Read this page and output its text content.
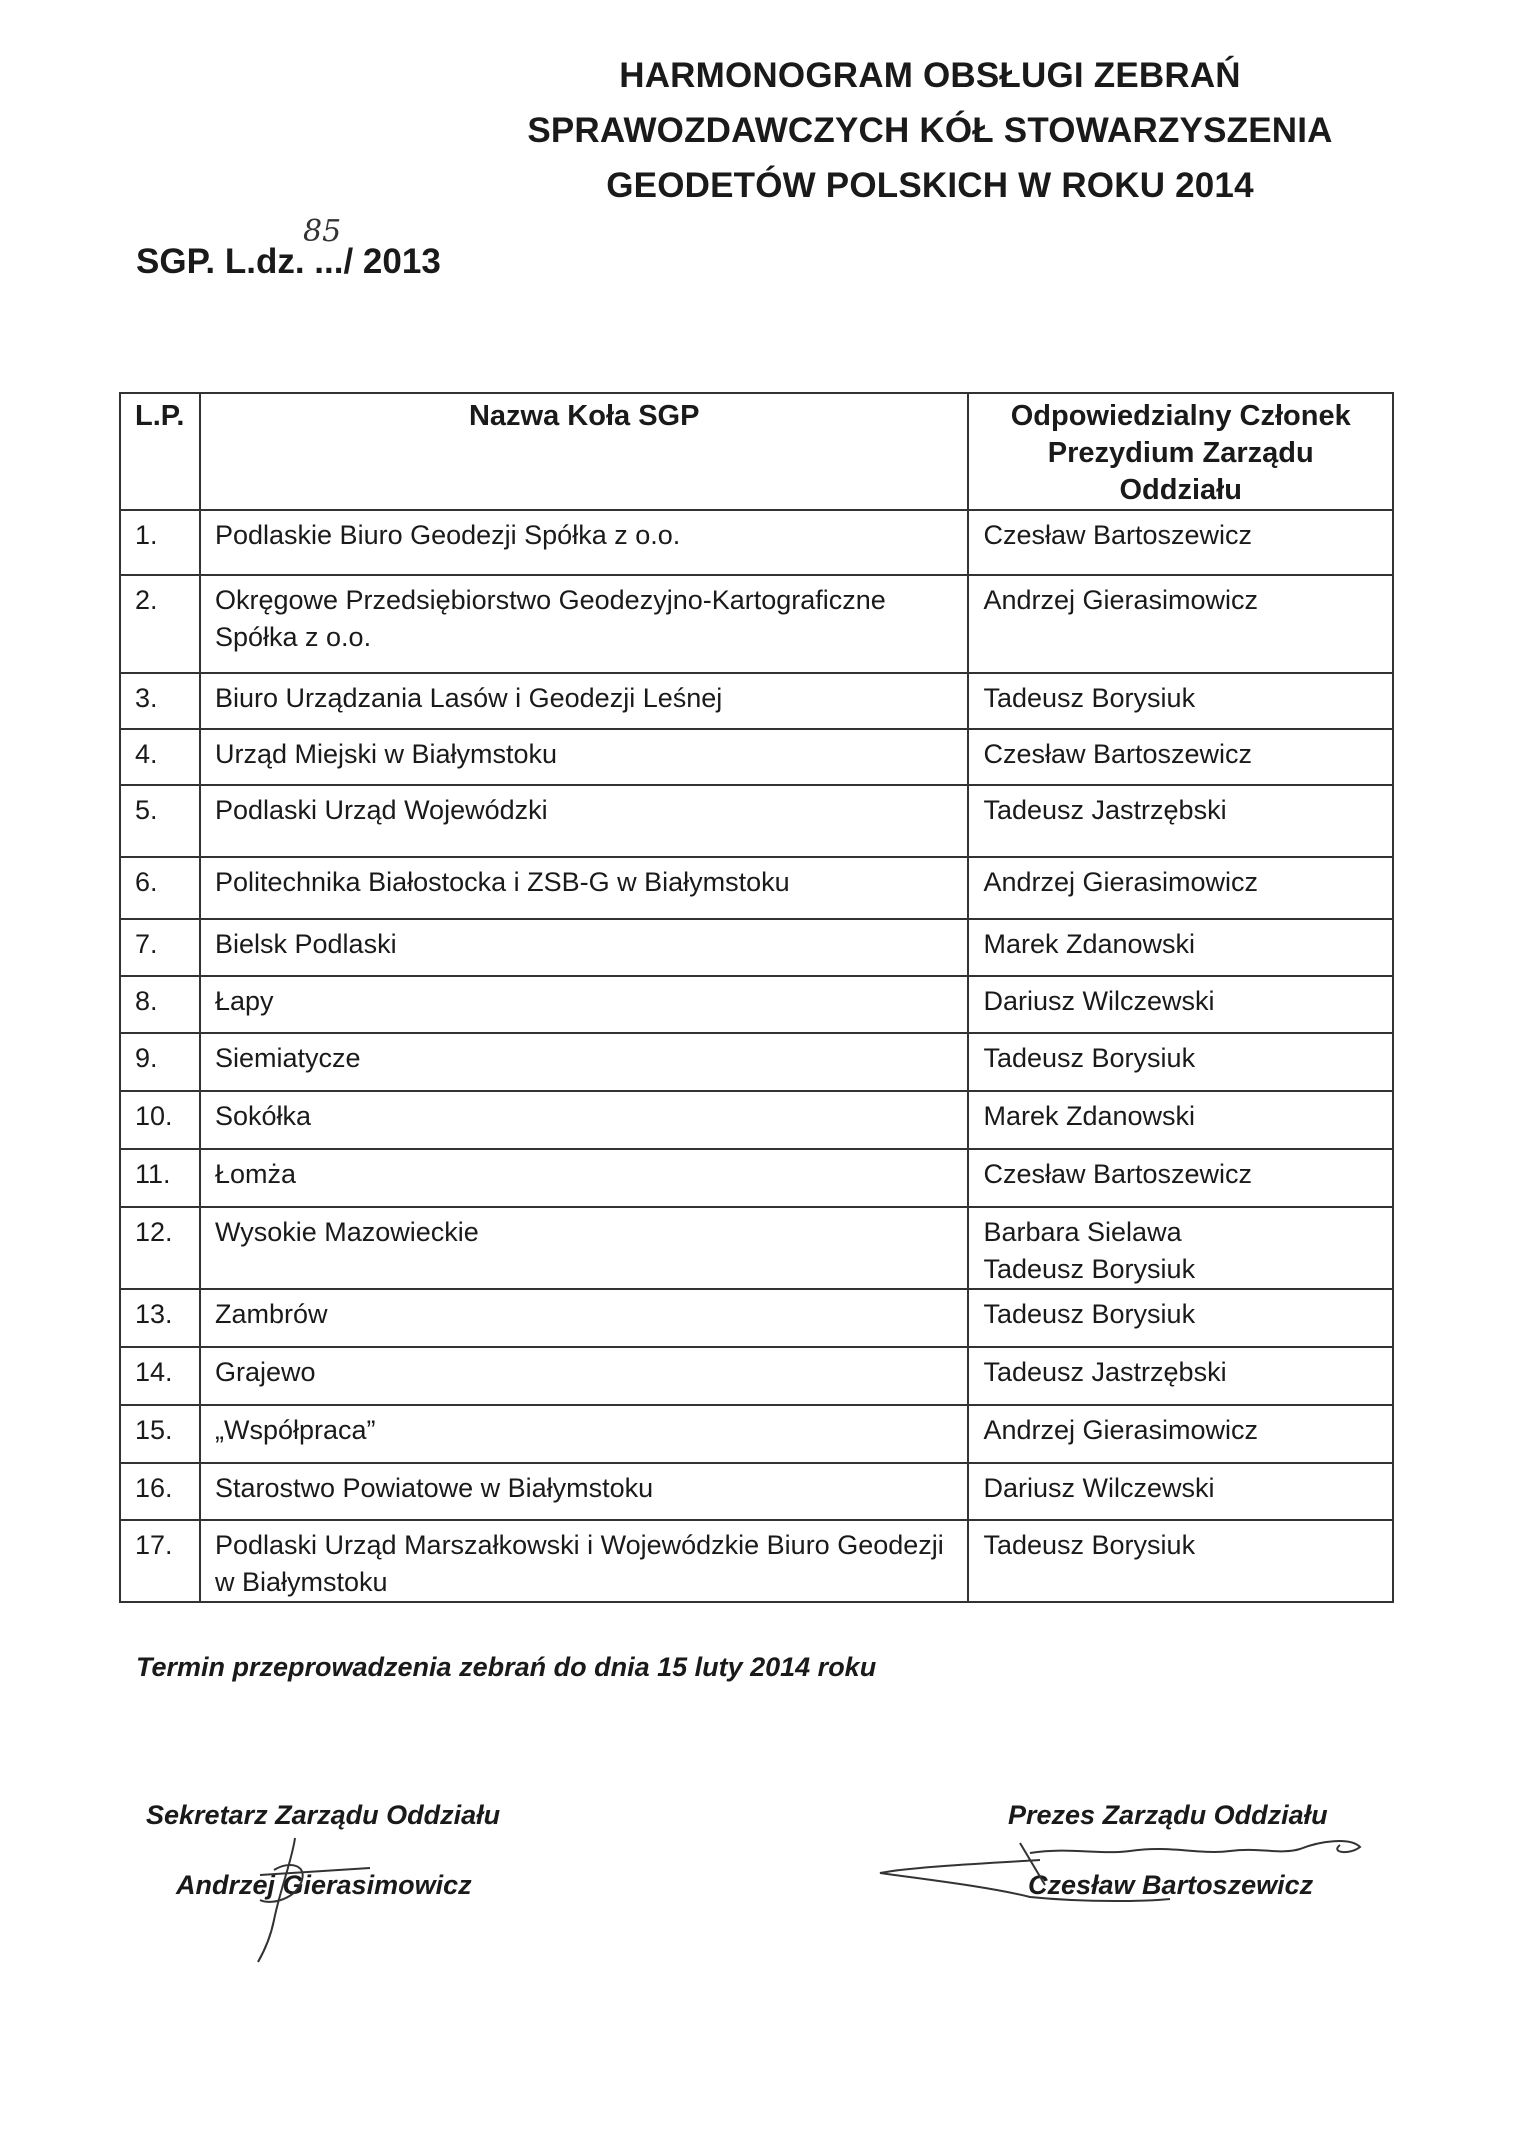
HARMONOGRAM OBSŁUGI ZEBRAŃ
SPRAWOZDAWCZYCH KÓŁ STOWARZYSZENIA
GEODETÓW POLSKICH W ROKU 2014
SGP. L.dz. .../ 2013
85
L.P.	Nazwa Koła SGP	Odpowiedzialny Członek Prezydium Zarządu Oddziału
1.	Podlaskie Biuro Geodezji Spółka z o.o.	Czesław Bartoszewicz

2.	Okręgowe Przedsiębiorstwo Geodezyjno-Kartograficzne Spółka z o.o.	Andrzej Gierasimowicz

3.	Biuro Urządzania Lasów i Geodezji Leśnej	Tadeusz Borysiuk

4.	Urząd Miejski w Białymstoku	Czesław Bartoszewicz

5.	Podlaski Urząd Wojewódzki	Tadeusz Jastrzębski

6.	Politechnika Białostocka i ZSB-G w Białymstoku	Andrzej Gierasimowicz

7.	Bielsk Podlaski	Marek Zdanowski

8.	Łapy	Dariusz Wilczewski

9.	Siemiatycze	Tadeusz Borysiuk

10.	Sokółka	Marek Zdanowski

11.	Łomża	Czesław Bartoszewicz

12.	Wysokie Mazowieckie	Barbara Sielawa
Tadeusz Borysiuk

13.	Zambrów	Tadeusz Borysiuk

14.	Grajewo	Tadeusz Jastrzębski

15.	„Współpraca”	Andrzej Gierasimowicz

16.	Starostwo Powiatowe w Białymstoku	Dariusz Wilczewski

17.	Podlaski Urząd Marszałkowski i Wojewódzkie Biuro Geodezji w Białymstoku	Tadeusz Borysiuk
Termin przeprowadzenia zebrań do dnia 15 luty 2014 roku
Sekretarz Zarządu Oddziału
Andrzej Gierasimowicz
Prezes Zarządu Oddziału
Czesław Bartoszewicz
